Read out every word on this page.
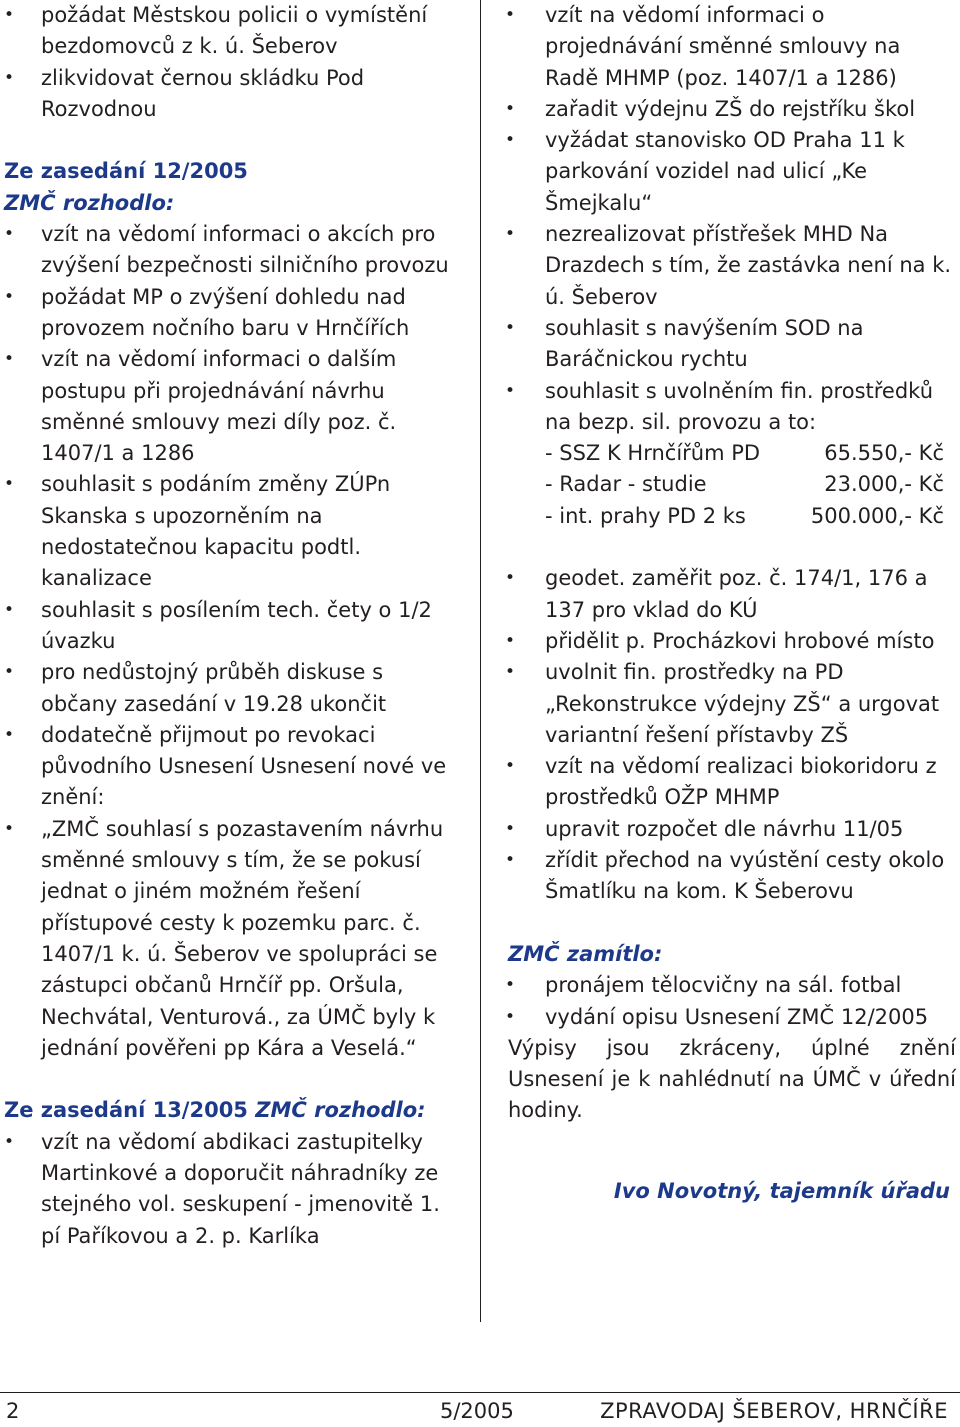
• požádat Městskou policii o vymístění bezdomovců z k. ú. Šeberov
• zlikvidovat černou skládku Pod Rozvodnou
Ze zasedání 12/2005
ZMČ rozhodlo:
• vzít na vědomí informaci o akcích pro zvýšení bezpečnosti silničního provozu
• požádat MP o zvýšení dohledu nad provozem nočního baru v Hrnčířích
• vzít na vědomí informaci o dalším postupu při projednávání návrhu směnné smlouvy mezi díly poz. č. 1407/1 a 1286
• souhlasit s podáním změny ZÚPn Skanska s upozorněním na nedostatečnou kapacitu podtl. kanalizace
• souhlasit s posílením tech. čety o 1/2 úvazku
• pro nedůstojný průběh diskuse s občany zasedání v 19.28 ukončit
• dodatečně přijmout po revokaci původního Usnesení Usnesení nové ve znění:
• „ZMČ souhlasí s pozastavením návrhu směnné smlouvy s tím, že se pokusí jednat o jiném možném řešení přístupové cesty k pozemku parc. č. 1407/1 k. ú. Šeberov ve spolupráci se zástupci občanů Hrnčíř pp. Oršula, Nechvátal, Venturová., za ÚMČ byly k jednání pověřeni pp Kára a Veselá.“
Ze zasedání 13/2005 ZMČ rozhodlo:
• vzít na vědomí abdikaci zastupitelky Martinkové a doporučit náhradníky ze stejného vol. seskupení - jmenovitě 1. pí Paříkovou a 2. p. Karlíka
• vzít na vědomí informaci o projednávání směnné smlouvy na Radě MHMP (poz. 1407/1 a 1286)
• zařadit výdejnu ZŠ do rejstříku škol
• vyžádat stanovisko OD Praha 11 k parkování vozidel nad ulicí „Ke Šmejkalu“
• nezrealizovat přístřešek MHD Na Drazdech s tím, že zastávka není na k. ú. Šeberov
• souhlasit s navýšením SOD na Baráčnickou rychtu
• souhlasit s uvolněním fin. prostředků na bezp. sil. provozu a to:
- SSZ K Hrnčířům PD	65.550,- Kč
- Radar - studie	23.000,- Kč
- int. prahy PD 2 ks	500.000,- Kč
• geodet. zaměřit poz. č. 174/1, 176 a 137 pro vklad do KÚ
• přidělit p. Procházkovi hrobové místo
• uvolnit fin. prostředky na PD „Rekonstrukce výdejny ZŠ“ a urgovat variantní řešení přístavby ZŠ
• vzít na vědomí realizaci biokoridoru z prostředků OŽP MHMP
• upravit rozpočet dle návrhu 11/05
• zřídit přechod na vyústění cesty okolo Šmatlíku na kom. K Šeberovu
ZMČ zamítlo:
• pronájem tělocvičny na sál. fotbal
• vydání opisu Usnesení ZMČ 12/2005

Výpisy jsou zkráceny, úplné znění Usnesení je k nahlédnutí na ÚMČ v úřední hodiny.

Ivo Novotný, tajemník úřadu
2	5/2005	ZPRAVODAJ ŠEBEROV, HRNČÍŘE
